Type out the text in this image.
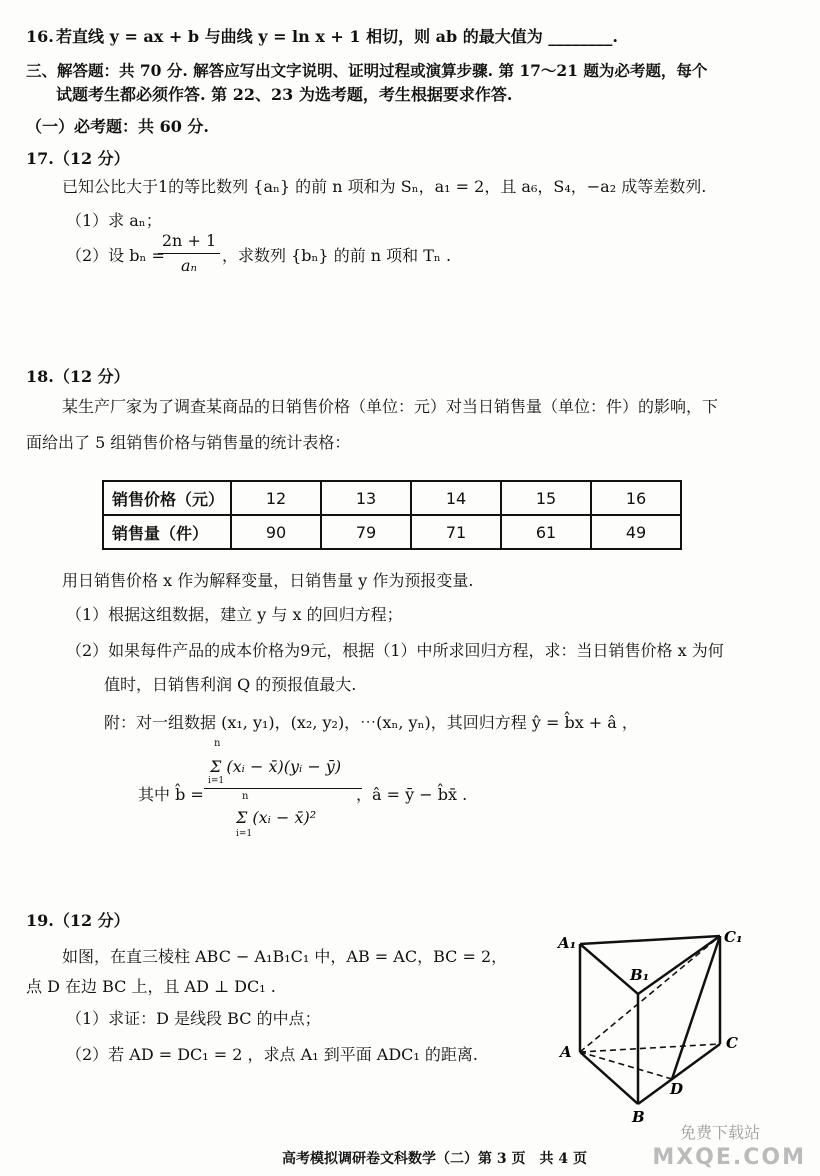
16. 若直线 y = ax + b 与曲线 y = ln x + 1 相切，则 ab 的最大值为 ________.
三、解答题：共 70 分. 解答应写出文字说明、证明过程或演算步骤. 第 17～21 题为必考题，每个
试题考生都必须作答. 第 22、23 为选考题，考生根据要求作答.
（一）必考题：共 60 分.
17.（12 分）
已知公比大于1的等比数列 {aₙ} 的前 n 项和为 Sₙ，a₁ = 2，且 a₆，S₄，−a₂ 成等差数列.
（1）求 aₙ；
（2）设 bₙ =
2n + 1
aₙ
，求数列 {bₙ} 的前 n 项和 Tₙ .
18.（12 分）
某生产厂家为了调查某商品的日销售价格（单位：元）对当日销售量（单位：件）的影响，下
面给出了 5 组销售价格与销售量的统计表格：
销售价格（元）	12	13	14	15	16
销售量（件）	90	79	71	61	49
用日销售价格 x 作为解释变量，日销售量 y 作为预报变量.
（1）根据这组数据，建立 y 与 x 的回归方程；
（2）如果每件产品的成本价格为9元，根据（1）中所求回归方程，求：当日销售价格 x 为何
值时，日销售利润 Q 的预报值最大.
附：对一组数据 (x₁, y₁)，(x₂, y₂)，⋯(xₙ, yₙ)，其回归方程 ŷ = b̂x + â ，
其中 b̂ =
n
Σ (xᵢ − x̄)(yᵢ − ȳ)
i=1
n
Σ (xᵢ − x̄)²
i=1
，â = ȳ − b̂x̄ .
19.（12 分）
如图，在直三棱柱 ABC − A₁B₁C₁ 中，AB = AC，BC = 2，
点 D 在边 BC 上，且 AD ⊥ DC₁ .
（1）求证：D 是线段 BC 的中点；
（2）若 AD = DC₁ = 2 ，求点 A₁ 到平面 ADC₁ 的距离.
A₁	C₁
B₁
A	C
D
B
高考模拟调研卷文科数学（二）第 3 页　共 4 页
免费下载站
MXQE.COM
